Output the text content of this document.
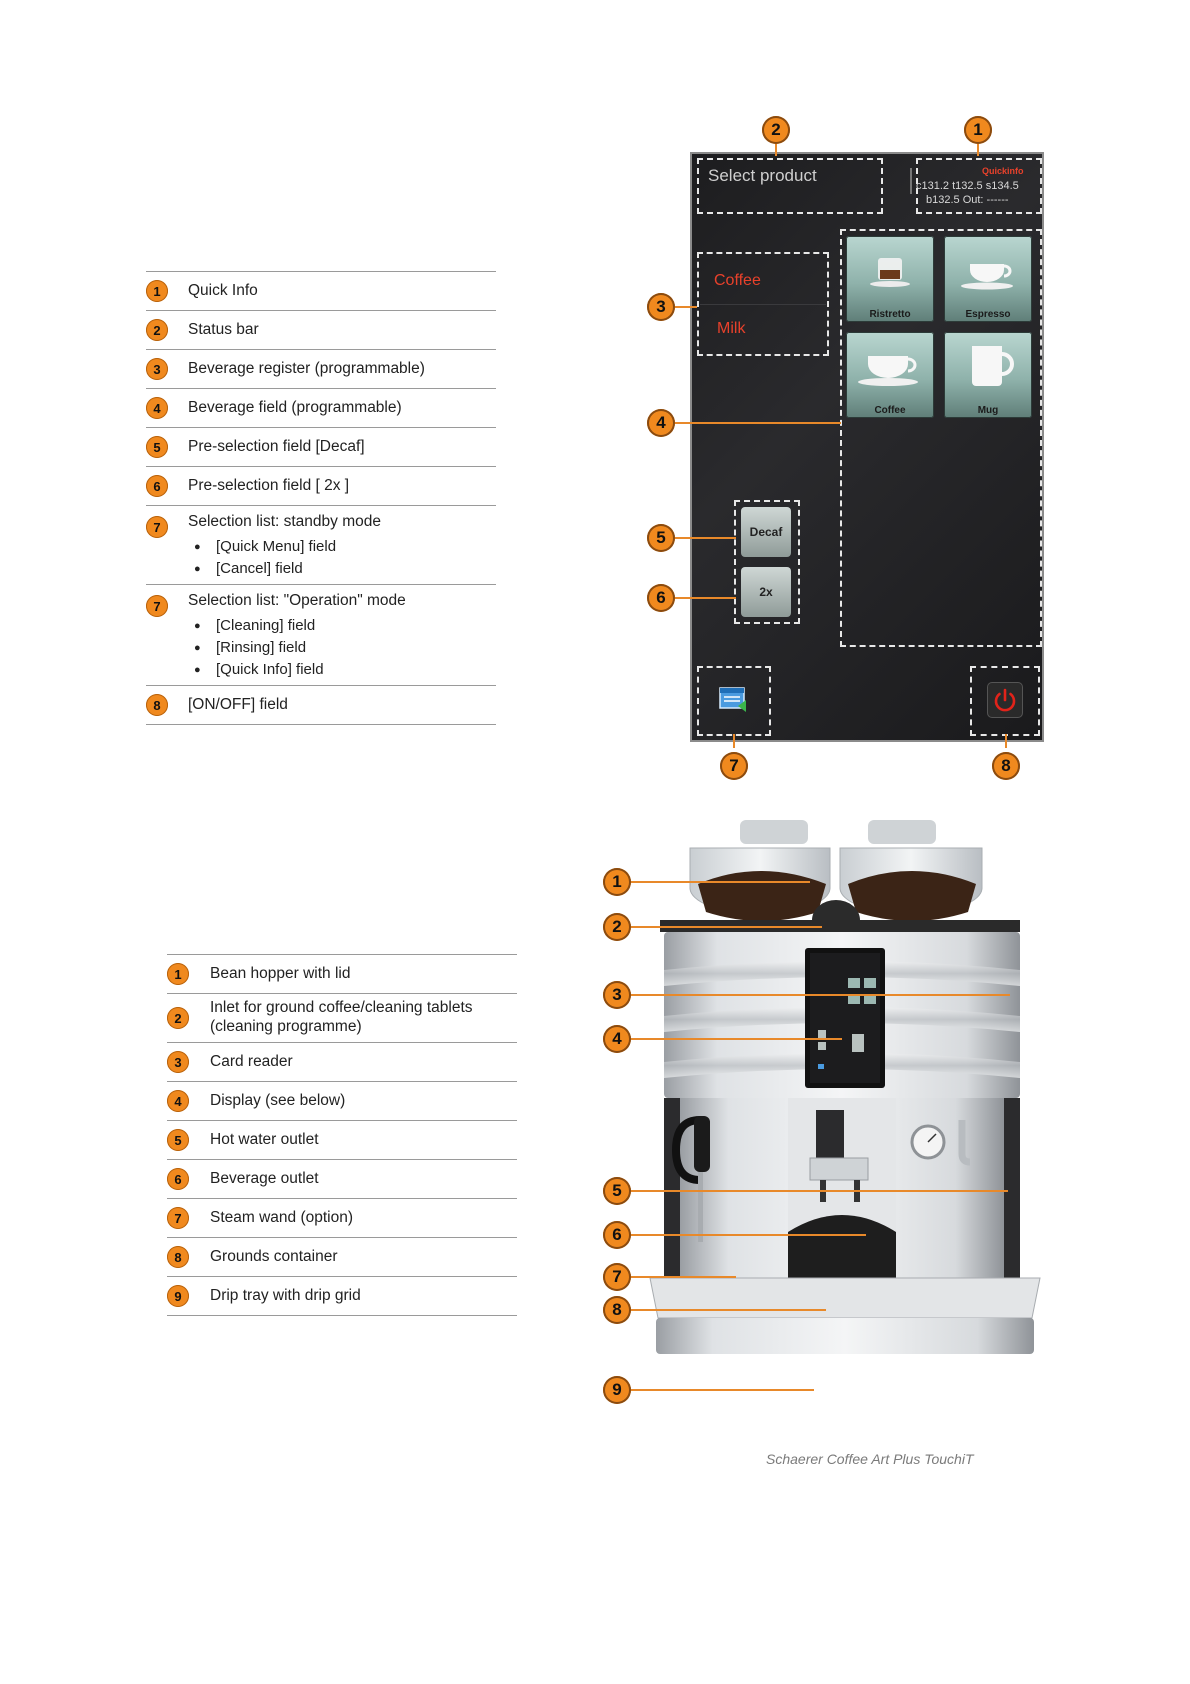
1	Quick Info
2	Status bar
3	Beverage register (programmable)
4	Beverage field (programmable)
5	Pre-selection field [Decaf]
6	Pre-selection field [ 2x ]
7	Selection list: standby mode
● [Quick Menu] field
● [Cancel] field
7	Selection list: "Operation" mode
● [Cleaning] field
● [Rinsing] field
● [Quick Info] field
8	[ON/OFF] field
Select product	Quickinfo
c131.2 t132.5 s134.5
b132.5 Out: ------
Coffee
Milk
Ristretto	Espresso
Coffee	Mug
Decaf
2x
1
2
3
4
5
6
7	8
1	Bean hopper with lid
2
Inlet for ground coffee/cleaning tablets
(cleaning programme)
3	Card reader
4	Display (see below)
5	Hot water outlet
6	Beverage outlet
7	Steam wand (option)
8	Grounds container
9	Drip tray with drip grid
1
2
3
4
5
6
7
8
9
Schaerer Coffee Art Plus TouchiT
